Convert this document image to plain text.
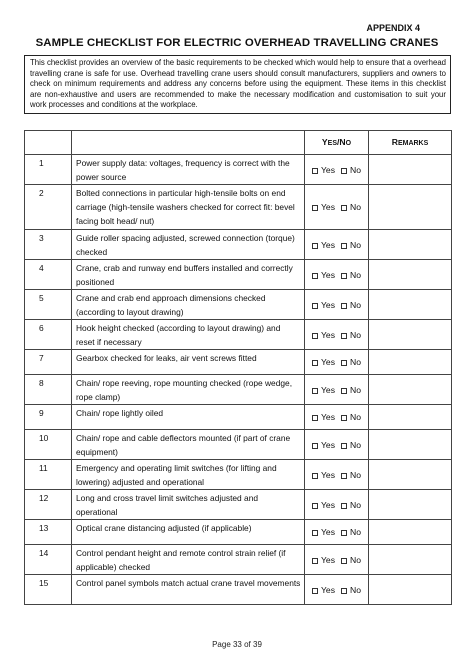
APPENDIX 4
SAMPLE CHECKLIST FOR ELECTRIC OVERHEAD TRAVELLING CRANES
This checklist provides an overview of the basic requirements to be checked which would help to ensure that a overhead travelling crane is safe for use. Overhead travelling crane users should consult manufacturers, suppliers and owners to check on minimum requirements and address any concerns before using the equipment. These items in this checklist are non-exhaustive and users are recommended to make the necessary modification and customisation to suit your work processes and conditions at the workplace.
		YES/NO	REMARKS
1	Power supply data: voltages, frequency is correct with the power source	Yes No	
2	Bolted connections in particular high-tensile bolts on end carriage (high-tensile washers checked for correct fit: bevel facing bolt head/ nut)	Yes No	
3	Guide roller spacing adjusted, screwed connection (torque) checked	Yes No	
4	Crane, crab and runway end buffers installed and correctly positioned	Yes No	
5	Crane and crab end approach dimensions checked (according to layout drawing)	Yes No	
6	Hook height checked (according to layout drawing) and reset if necessary	Yes No	
7	Gearbox checked for leaks, air vent screws fitted	Yes No	
8	Chain/ rope reeving, rope mounting checked (rope wedge, rope clamp)	Yes No	
9	Chain/ rope lightly oiled	Yes No	
10	Chain/ rope and cable deflectors mounted (if part of crane equipment)	Yes No	
11	Emergency and operating limit switches (for lifting and lowering) adjusted and operational	Yes No	
12	Long and cross travel limit switches adjusted and operational	Yes No	
13	Optical crane distancing adjusted (if applicable)	Yes No	
14	Control pendant height and remote control strain relief (if applicable) checked	Yes No	
15	Control panel symbols match actual crane travel movements	Yes No	
Page 33 of 39
